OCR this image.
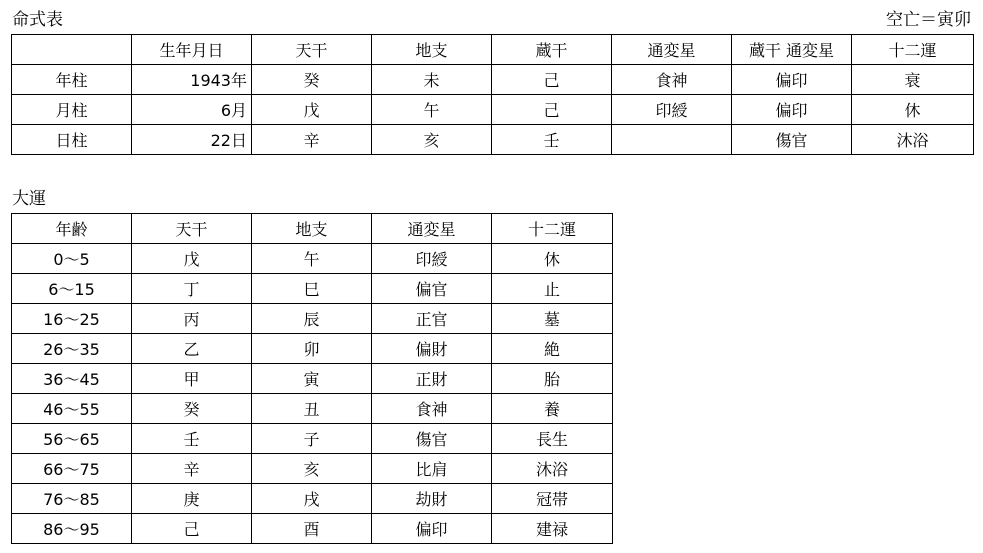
命式表	空亡＝寅卯
	生年月日	天干	地支	蔵干	通変星	蔵干 通変星	十二運
年柱	1943年	癸	未	己	食神	偏印	衰
月柱	6月	戊	午	己	印綬	偏印	休
日柱	22日	辛	亥	壬		傷官	沐浴
大運
年齢	天干	地支	通変星	十二運
0〜5	戊	午	印綬	休
6〜15	丁	巳	偏官	止
16〜25	丙	辰	正官	墓
26〜35	乙	卯	偏財	絶
36〜45	甲	寅	正財	胎
46〜55	癸	丑	食神	養
56〜65	壬	子	傷官	長生
66〜75	辛	亥	比肩	沐浴
76〜85	庚	戌	劫財	冠帯
86〜95	己	酉	偏印	建禄
